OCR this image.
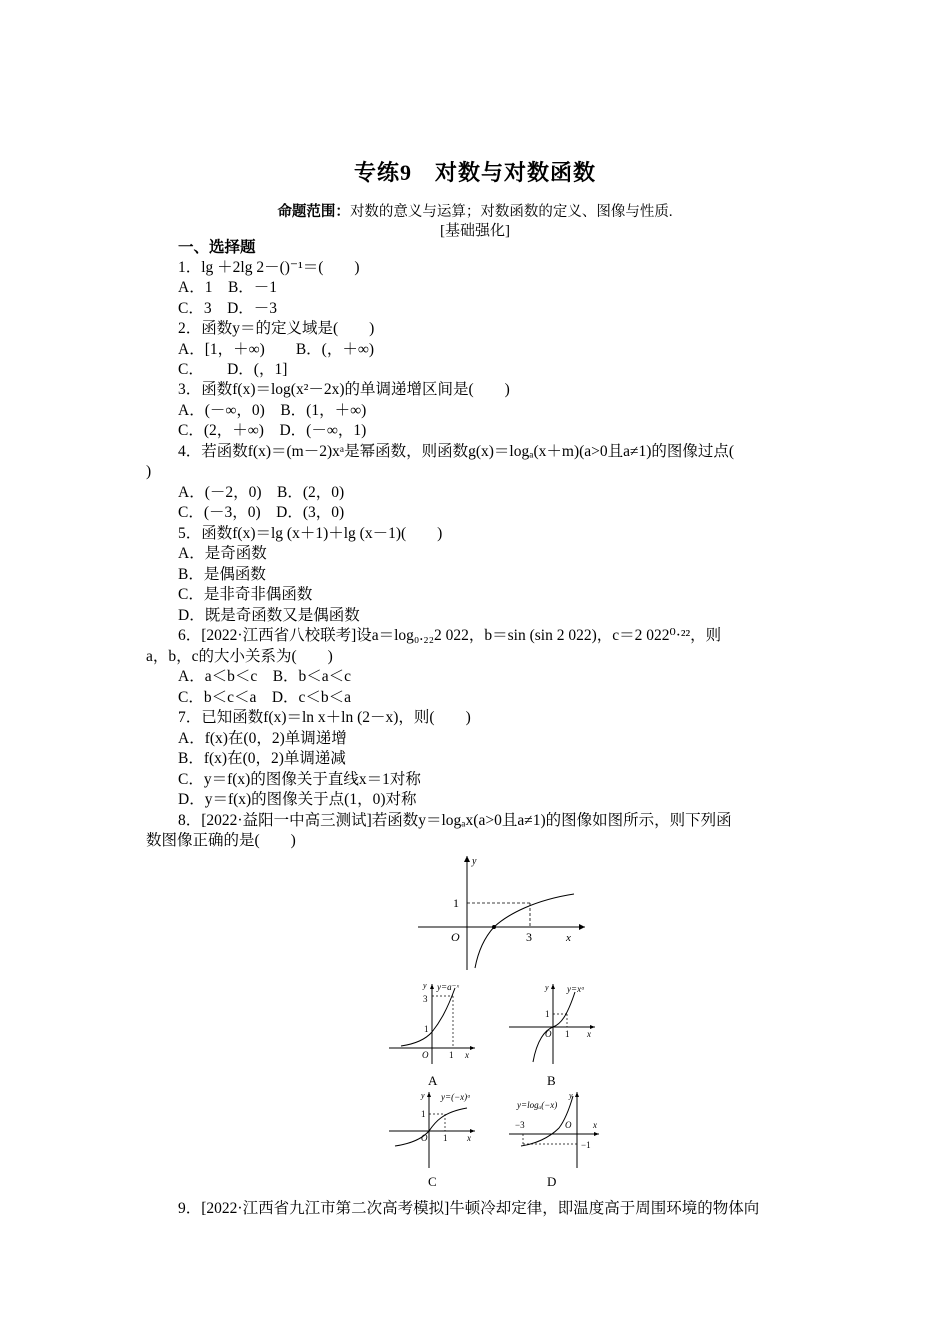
专练9　对数与对数函数
命题范围：对数的意义与运算；对数函数的定义、图像与性质.
[基础强化]
一、选择题
1．lg ＋2lg 2－()⁻¹＝(　　)
A．1　B．－1
C．3　D．－3
2．函数y＝的定义域是(　　)
A．[1，＋∞)　　B．(，＋∞)
C．　　D．(，1]
3．函数f(x)＝log(x²－2x)的单调递增区间是(　　)
A．(－∞，0)　B．(1，＋∞)
C．(2，＋∞)　D．(－∞，1)
4．若函数f(x)＝(m－2)xᵃ是幂函数，则函数g(x)＝logₐ(x＋m)(a>0且a≠1)的图像过点(
)
A．(－2，0)　B．(2，0)
C．(－3，0)　D．(3，0)
5．函数f(x)＝lg (x＋1)＋lg (x－1)(　　)
A．是奇函数
B．是偶函数
C．是非奇非偶函数
D．既是奇函数又是偶函数
6．[2022·江西省八校联考]设a＝log₀.₂₂2 022，b＝sin (sin 2 022)，c＝2 022⁰·²²，则
a，b，c的大小关系为(　　)
A．a＜b＜c　B．b＜a＜c
C．b＜c＜a　D．c＜b＜a
7．已知函数f(x)＝ln x＋ln (2－x)，则(　　)
A．f(x)在(0，2)单调递增
B．f(x)在(0，2)单调递减
C．y＝f(x)的图像关于直线x＝1对称
D．y＝f(x)的图像关于点(1，0)对称
8．[2022·益阳一中高三测试]若函数y＝logₐx(a>0且a≠1)的图像如图所示，则下列函
数图像正确的是(　　)
y
O	x
1
3
y y=a⁻ˣ
3
1
O 1 x
A
y y=xᵃ
1
O 1 x
B
y y=(−x)ᵃ
1
O 1 x
C
y
y=logₐ(−x)
−3	O
−1
x
D
9．[2022·江西省九江市第二次高考模拟]牛顿冷却定律，即温度高于周围环境的物体向
